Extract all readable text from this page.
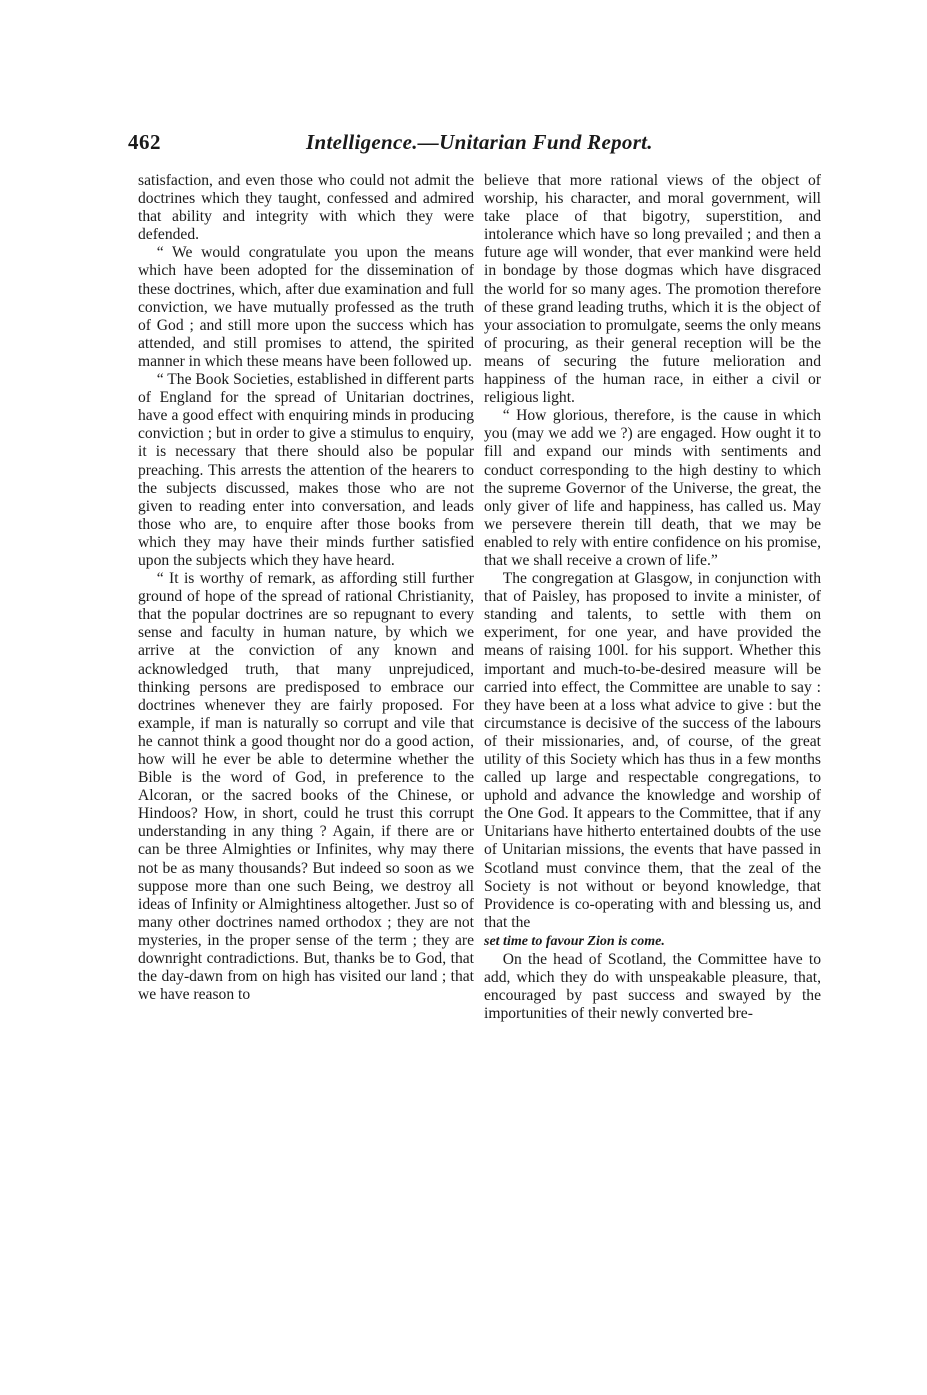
462	Intelligence.—Unitarian Fund Report.

satisfaction, and even those who could not admit the doctrines which they taught, confessed and admired that ability and integrity with which they were defended.

“ We would congratulate you upon the means which have been adopted for the dissemination of these doctrines, which, after due examination and full conviction, we have mutually professed as the truth of God ; and still more upon the success which has attended, and still promises to attend, the spirited manner in which these means have been followed up.

“ The Book Societies, established in different parts of England for the spread of Unitarian doctrines, have a good effect with enquiring minds in producing conviction ; but in order to give a stimulus to enquiry, it is necessary that there should also be popular preaching. This arrests the attention of the hearers to the subjects discussed, makes those who are not given to reading enter into conversation, and leads those who are, to enquire after those books from which they may have their minds further satisfied upon the subjects which they have heard.

“ It is worthy of remark, as affording still further ground of hope of the spread of rational Christianity, that the popular doctrines are so repugnant to every sense and faculty in human nature, by which we arrive at the conviction of any known and acknowledged truth, that many unprejudiced, thinking persons are predisposed to embrace our doctrines whenever they are fairly proposed. For example, if man is naturally so corrupt and vile that he cannot think a good thought nor do a good action, how will he ever be able to determine whether the Bible is the word of God, in preference to the Alcoran, or the sacred books of the Chinese, or Hindoos? How, in short, could he trust this corrupt understanding in any thing ? Again, if there are or can be three Almighties or Infinites, why may there not be as many thousands? But indeed so soon as we suppose more than one such Being, we destroy all ideas of Infinity or Almightiness altogether. Just so of many other doctrines named orthodox ; they are not mysteries, in the proper sense of the term ; they are downright contradictions. But, thanks be to God, that the day-dawn from on high has visited our land ; that we have reason to

believe that more rational views of the object of worship, his character, and moral government, will take place of that bigotry, superstition, and intolerance which have so long prevailed ; and then a future age will wonder, that ever mankind were held in bondage by those dogmas which have disgraced the world for so many ages. The promotion therefore of these grand leading truths, which it is the object of your association to promulgate, seems the only means of procuring, as their general reception will be the means of securing the future melioration and happiness of the human race, in either a civil or religious light.

“ How glorious, therefore, is the cause in which you (may we add we ?) are engaged. How ought it to fill and expand our minds with sentiments and conduct corresponding to the high destiny to which the supreme Governor of the Universe, the great, the only giver of life and happiness, has called us. May we persevere therein till death, that we may be enabled to rely with entire confidence on his promise, that we shall receive a crown of life.”

The congregation at Glasgow, in conjunction with that of Paisley, has proposed to invite a minister, of standing and talents, to settle with them on experiment, for one year, and have provided the means of raising 100l. for his support. Whether this important and much-to-be-desired measure will be carried into effect, the Committee are unable to say : they have been at a loss what advice to give : but the circumstance is decisive of the success of the labours of their missionaries, and, of course, of the great utility of this Society which has thus in a few months called up large and respectable congregations, to uphold and advance the knowledge and worship of the One God. It appears to the Committee, that if any Unitarians have hitherto entertained doubts of the use of Unitarian missions, the events that have passed in Scotland must convince them, that the zeal of the Society is not without or beyond knowledge, that Providence is co-operating with and blessing us, and that the

set time to favour Zion is come.

On the head of Scotland, the Committee have to add, which they do with unspeakable pleasure, that, encouraged by past success and swayed by the importunities of their newly converted bre-
